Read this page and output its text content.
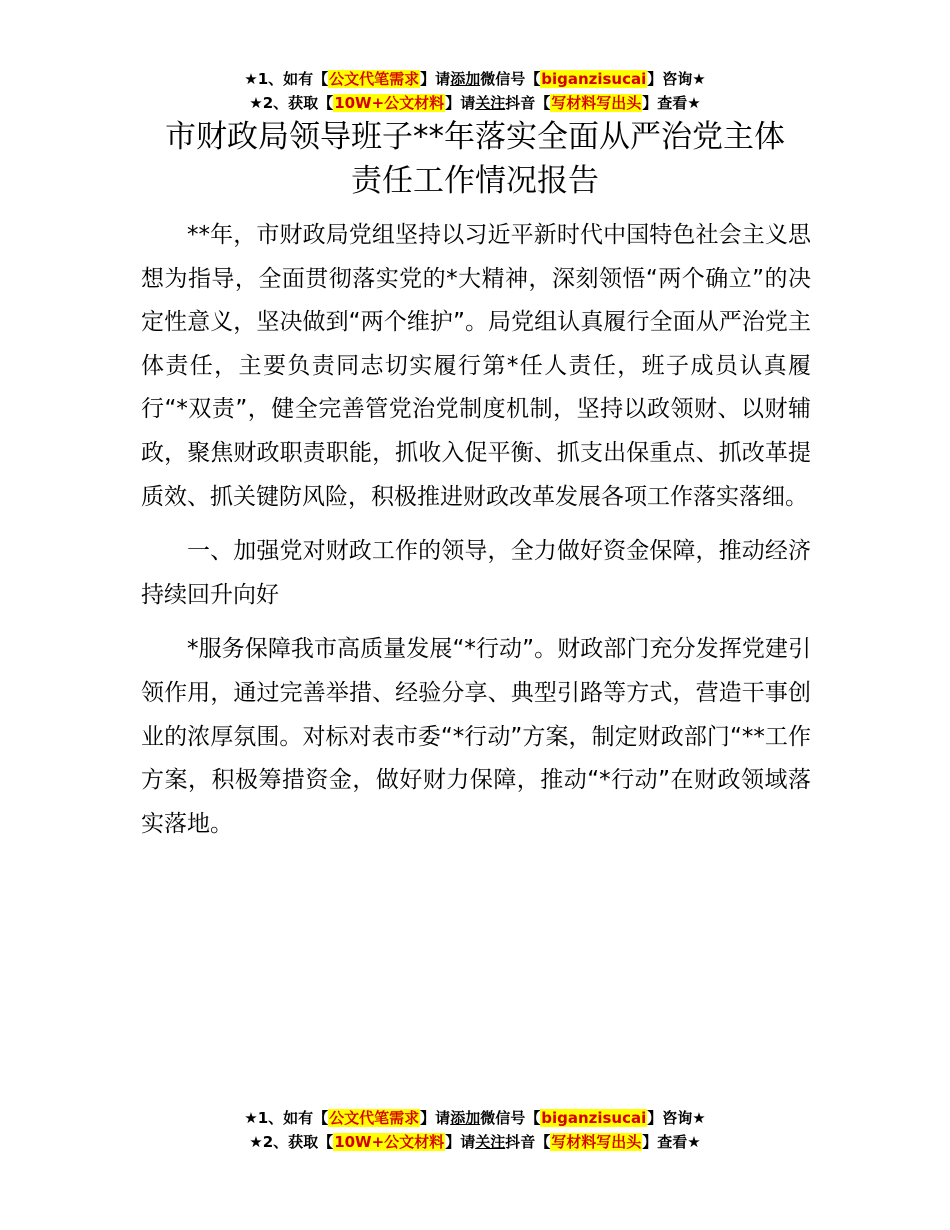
★1、如有【公文代笔需求】请添加微信号【biganzisucai】咨询★
★2、获取【10W+公文材料】请关注抖音【写材料写出头】查看★
市财政局领导班子**年落实全面从严治党主体
责任工作情况报告

**年，市财政局党组坚持以习近平新时代中国特色社会主义思想为指导，全面贯彻落实党的*大精神，深刻领悟“两个确立”的决定性意义，坚决做到“两个维护”。局党组认真履行全面从严治党主体责任，主要负责同志切实履行第*任人责任，班子成员认真履行“*双责”，健全完善管党治党制度机制，坚持以政领财、以财辅政，聚焦财政职责职能，抓收入促平衡、抓支出保重点、抓改革提质效、抓关键防风险，积极推进财政改革发展各项工作落实落细。

一、加强党对财政工作的领导，全力做好资金保障，推动经济持续回升向好

*服务保障我市高质量发展“*行动”。财政部门充分发挥党建引领作用，通过完善举措、经验分享、典型引路等方式，营造干事创业的浓厚氛围。对标对表市委“*行动”方案，制定财政部门“**工作方案，积极筹措资金，做好财力保障，推动“*行动”在财政领域落实落地。

★1、如有【公文代笔需求】请添加微信号【biganzisucai】咨询★
★2、获取【10W+公文材料】请关注抖音【写材料写出头】查看★
